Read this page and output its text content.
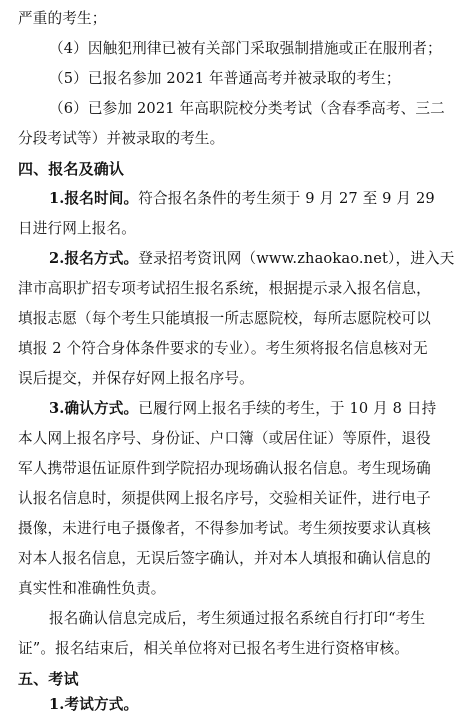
严重的考生；
（4）因触犯刑律已被有关部门采取强制措施或正在服刑者；
（5）已报名参加 2021 年普通高考并被录取的考生；
（6）已参加 2021 年高职院校分类考试（含春季高考、三二
分段考试等）并被录取的考生。
四、报名及确认
1.报名时间。符合报名条件的考生须于 9 月 27 至 9 月 29
日进行网上报名。
2.报名方式。登录招考资讯网（www.zhaokao.net），进入天
津市高职扩招专项考试招生报名系统，根据提示录入报名信息，
填报志愿（每个考生只能填报一所志愿院校，每所志愿院校可以
填报 2 个符合身体条件要求的专业）。考生须将报名信息核对无
误后提交，并保存好网上报名序号。
3.确认方式。已履行网上报名手续的考生，于 10 月 8 日持
本人网上报名序号、身份证、户口簿（或居住证）等原件，退役
军人携带退伍证原件到学院招办现场确认报名信息。考生现场确
认报名信息时，须提供网上报名序号，交验相关证件，进行电子
摄像，未进行电子摄像者，不得参加考试。考生须按要求认真核
对本人报名信息，无误后签字确认，并对本人填报和确认信息的
真实性和准确性负责。
报名确认信息完成后，考生须通过报名系统自行打印“考生
证”。报名结束后，相关单位将对已报名考生进行资格审核。
五、考试
1.考试方式。
